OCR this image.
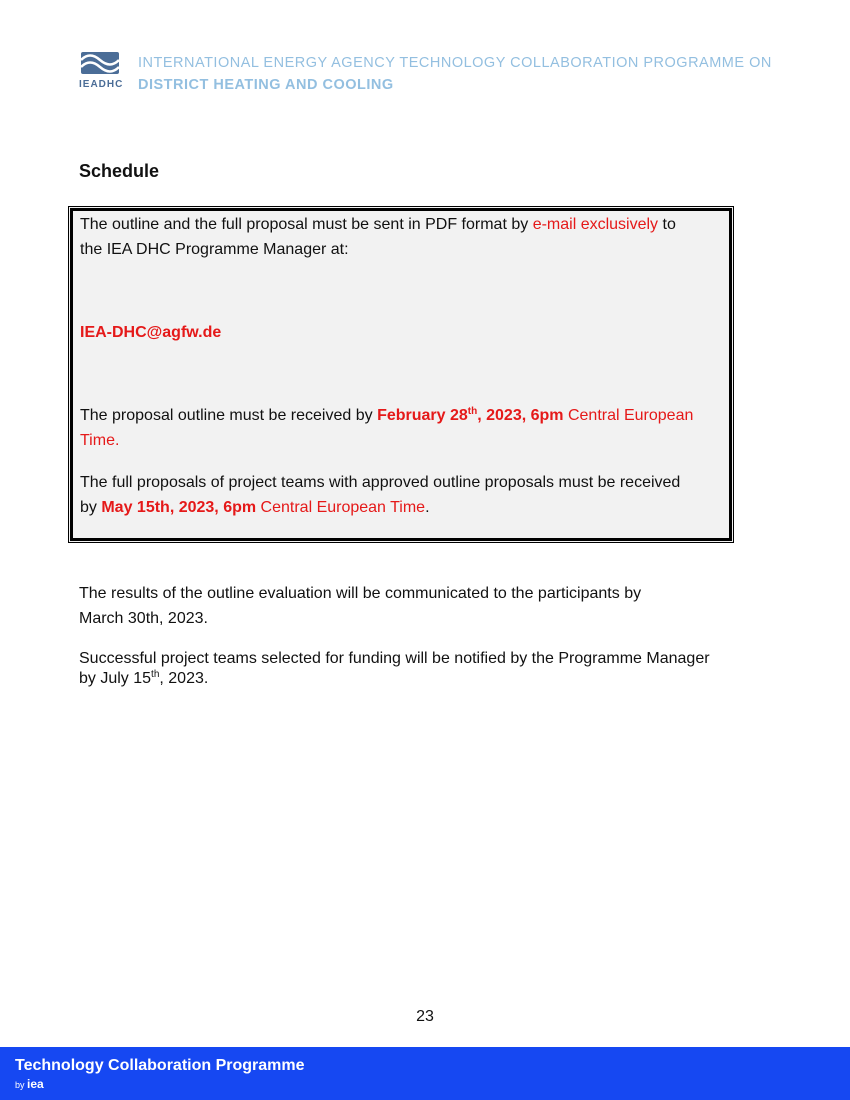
IEADHC
INTERNATIONAL ENERGY AGENCY TECHNOLOGY COLLABORATION PROGRAMME ON
DISTRICT HEATING AND COOLING
Schedule
The outline and the full proposal must be sent in PDF format by e-mail exclusively to
the IEA DHC Programme Manager at:
IEA-DHC@agfw.de
The proposal outline must be received by February 28th, 2023, 6pm Central European
Time.
The full proposals of project teams with approved outline proposals must be received
by May 15th, 2023, 6pm Central European Time.
The results of the outline evaluation will be communicated to the participants by
March 30th, 2023.
Successful project teams selected for funding will be notified by the Programme Manager
by July 15th, 2023.
23
Technology Collaboration Programme
by iea
